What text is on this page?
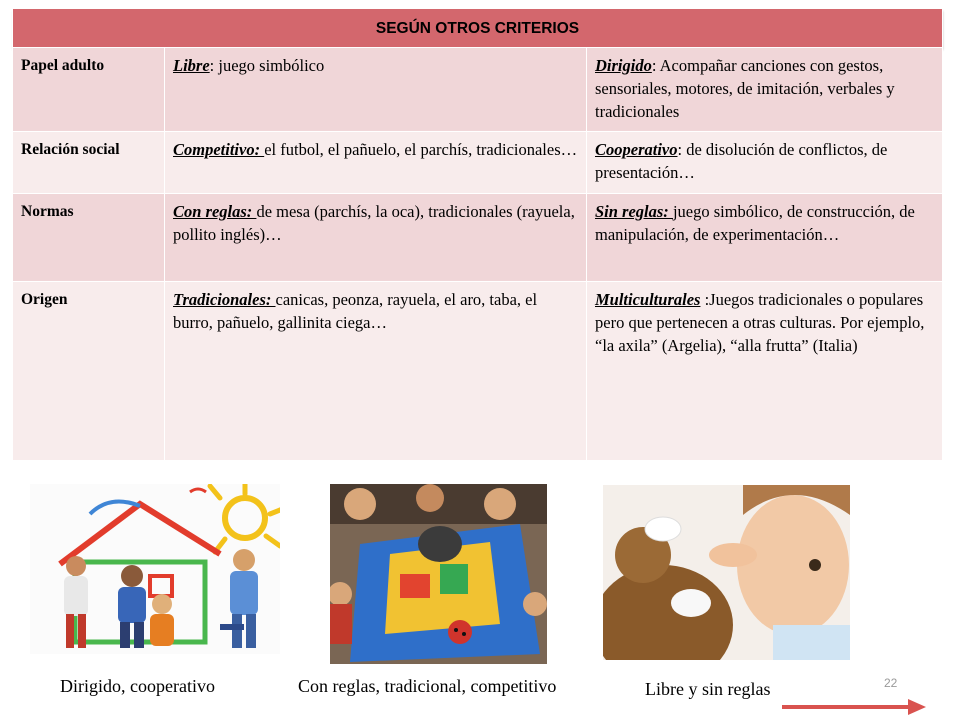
SEGÚN OTROS CRITERIOS		
Papel adulto	Libre: juego simbólico	Dirigido: Acompañar canciones con gestos, sensoriales, motores, de imitación, verbales y tradicionales
Relación social	Competitivo: el futbol, el pañuelo, el parchís, tradicionales…	Cooperativo: de disolución de conflictos, de presentación…
Normas	Con reglas: de mesa (parchís, la oca), tradicionales (rayuela, pollito inglés)…	Sin reglas: juego simbólico, de construcción, de manipulación, de experimentación…
Origen	Tradicionales: canicas, peonza, rayuela, el aro, taba, el burro, pañuelo, gallinita ciega…	Multiculturales :Juegos tradicionales o populares pero que pertenecen a otras culturas. Por ejemplo, “la axila” (Argelia), “alla frutta” (Italia)
Dirigido, cooperativo	Con reglas, tradicional, competitivo	Libre y sin reglas	22
